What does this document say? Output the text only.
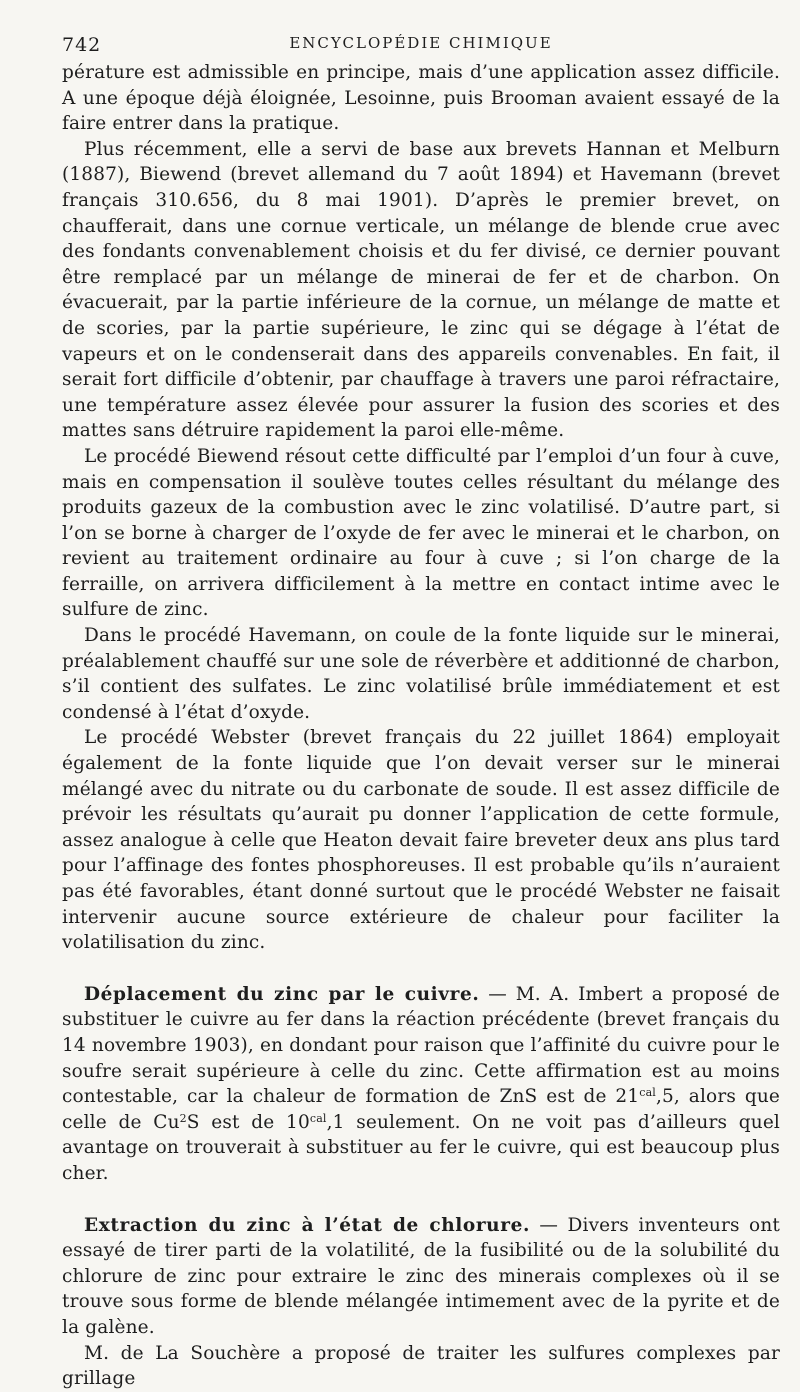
742	ENCYCLOPÉDIE CHIMIQUE

pérature est admissible en principe, mais d’une application assez difficile. A une époque déjà éloignée, Lesoinne, puis Brooman avaient essayé de la faire entrer dans la pratique.

Plus récemment, elle a servi de base aux brevets Hannan et Melburn (1887), Biewend (brevet allemand du 7 août 1894) et Havemann (brevet français 310.656, du 8 mai 1901). D’après le premier brevet, on chaufferait, dans une cornue verticale, un mélange de blende crue avec des fondants convenablement choisis et du fer divisé, ce dernier pouvant être remplacé par un mélange de minerai de fer et de charbon. On évacuerait, par la partie inférieure de la cornue, un mélange de matte et de scories, par la partie supérieure, le zinc qui se dégage à l’état de vapeurs et on le condenserait dans des appareils convenables. En fait, il serait fort difficile d’obtenir, par chauffage à travers une paroi réfractaire, une température assez élevée pour assurer la fusion des scories et des mattes sans détruire rapidement la paroi elle-même.

Le procédé Biewend résout cette difficulté par l’emploi d’un four à cuve, mais en compensation il soulève toutes celles résultant du mélange des produits gazeux de la combustion avec le zinc volatilisé. D’autre part, si l’on se borne à charger de l’oxyde de fer avec le minerai et le charbon, on revient au traitement ordinaire au four à cuve ; si l’on charge de la ferraille, on arrivera difficilement à la mettre en contact intime avec le sulfure de zinc.

Dans le procédé Havemann, on coule de la fonte liquide sur le minerai, préalablement chauffé sur une sole de réverbère et additionné de charbon, s’il contient des sulfates. Le zinc volatilisé brûle immédiatement et est condensé à l’état d’oxyde.

Le procédé Webster (brevet français du 22 juillet 1864) employait également de la fonte liquide que l’on devait verser sur le minerai mélangé avec du nitrate ou du carbonate de soude. Il est assez difficile de prévoir les résultats qu’aurait pu donner l’application de cette formule, assez analogue à celle que Heaton devait faire breveter deux ans plus tard pour l’affinage des fontes phosphoreuses. Il est probable qu’ils n’auraient pas été favorables, étant donné surtout que le procédé Webster ne faisait intervenir aucune source extérieure de chaleur pour faciliter la volatilisation du zinc.

Déplacement du zinc par le cuivre. — M. A. Imbert a proposé de substituer le cuivre au fer dans la réaction précédente (brevet français du 14 novembre 1903), en dondant pour raison que l’affinité du cuivre pour le soufre serait supérieure à celle du zinc. Cette affirmation est au moins contestable, car la chaleur de formation de ZnS est de $21^{cal},5$, alors que celle de Cu$^2$S est de $10^{cal},1$ seulement. On ne voit pas d’ailleurs quel avantage on trouverait à substituer au fer le cuivre, qui est beaucoup plus cher.

Extraction du zinc à l’état de chlorure. — Divers inventeurs ont essayé de tirer parti de la volatilité, de la fusibilité ou de la solubilité du chlorure de zinc pour extraire le zinc des minerais complexes où il se trouve sous forme de blende mélangée intimement avec de la pyrite et de la galène.

M. de La Souchère a proposé de traiter les sulfures complexes par grillage
